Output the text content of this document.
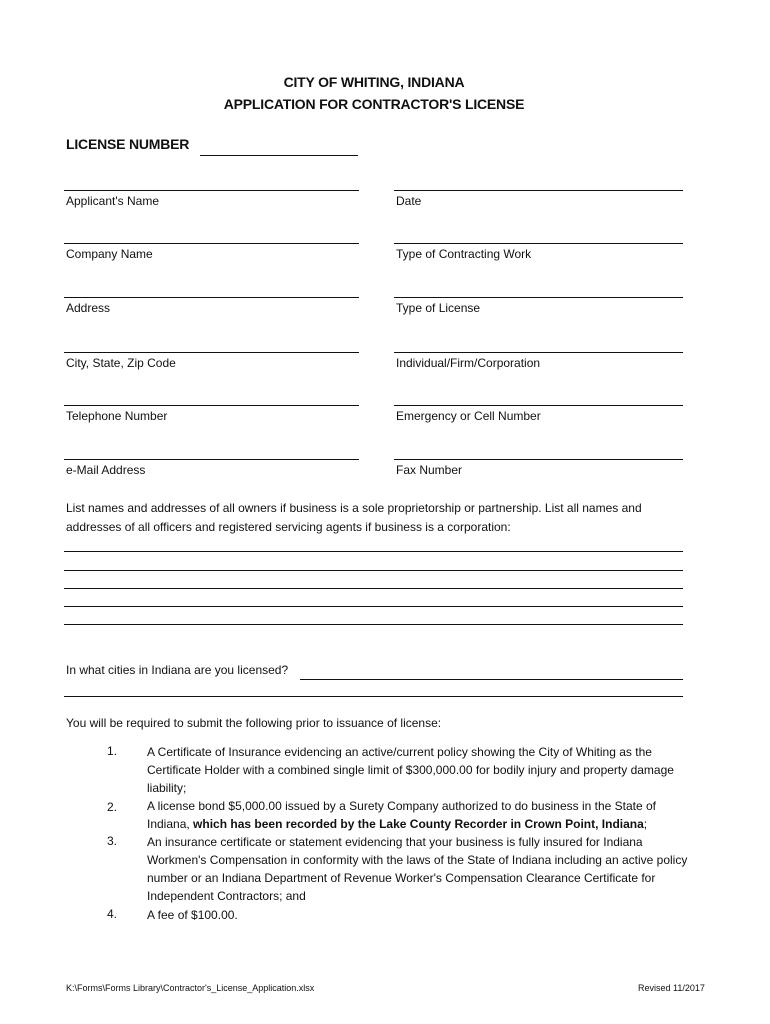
CITY OF WHITING, INDIANA
APPLICATION FOR CONTRACTOR'S LICENSE
LICENSE NUMBER
Applicant's Name	Date
Company Name	Type of Contracting Work
Address	Type of License
City, State, Zip Code	Individual/Firm/Corporation
Telephone Number	Emergency or Cell Number
e-Mail Address	Fax Number
List names and addresses of all owners if business is a sole proprietorship or partnership. List all names and addresses of all officers and registered servicing agents if business is a corporation:
In what cities in Indiana are you licensed?
You will be required to submit the following prior to issuance of license:
1. A Certificate of Insurance evidencing an active/current policy showing the City of Whiting as the Certificate Holder with a combined single limit of $300,000.00 for bodily injury and property damage liability;
2. A license bond $5,000.00 issued by a Surety Company authorized to do business in the State of Indiana, which has been recorded by the Lake County Recorder in Crown Point, Indiana;
3. An insurance certificate or statement evidencing that your business is fully insured for Indiana Workmen's Compensation in conformity with the laws of the State of Indiana including an active policy number or an Indiana Department of Revenue Worker's Compensation Clearance Certificate for Independent Contractors; and
4. A fee of $100.00.
K:\Forms\Forms Library\Contractor's_License_Application.xlsx	Revised 11/2017
